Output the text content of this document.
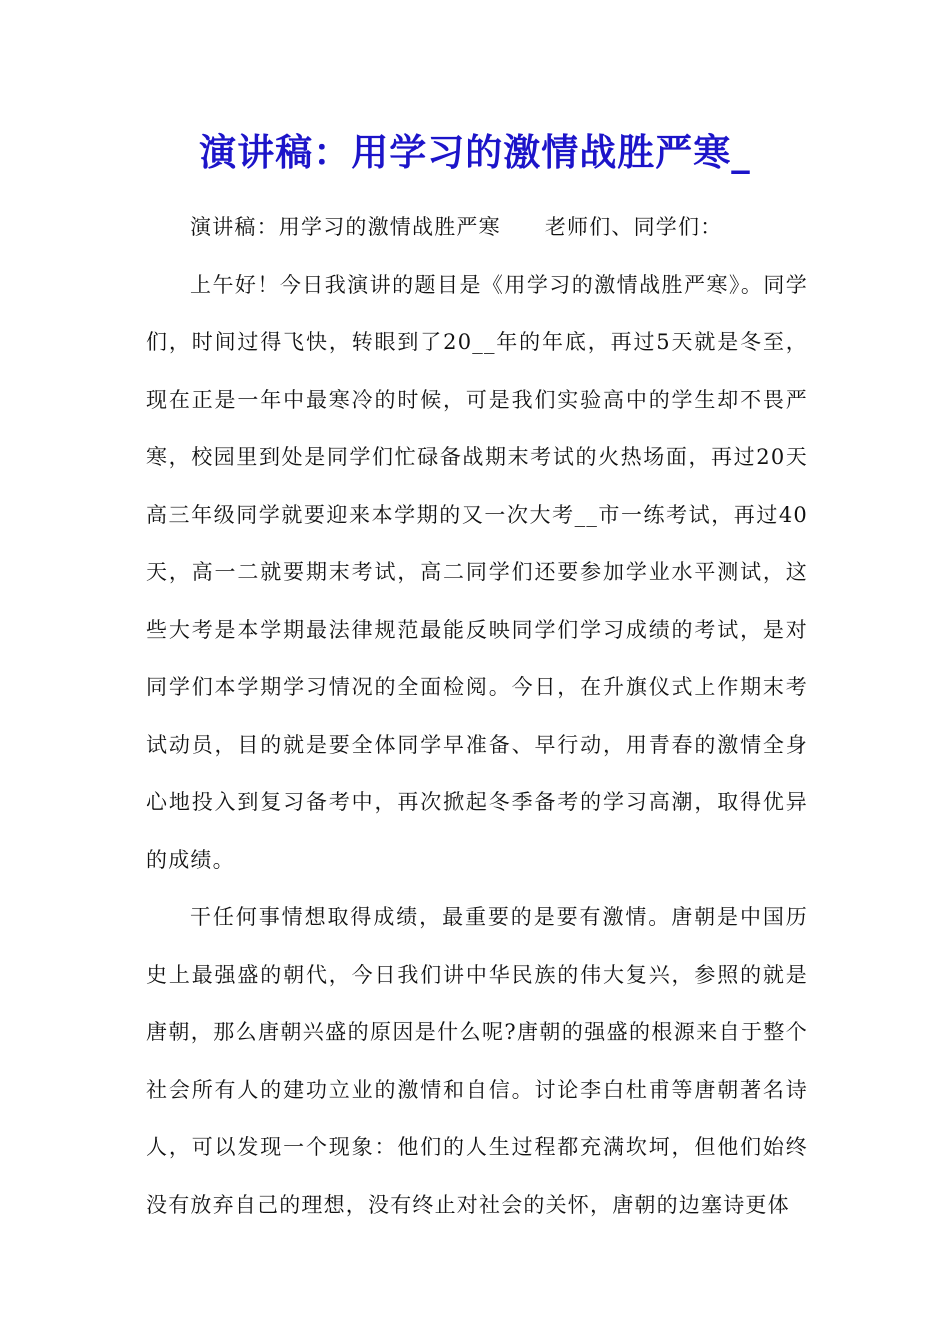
演讲稿：用学习的激情战胜严寒_

演讲稿：用学习的激情战胜严寒 老师们、同学们：

上午好！今日我演讲的题目是《用学习的激情战胜严寒》。同学们，时间过得飞快，转眼到了20__年的年底，再过5天就是冬至，现在正是一年中最寒冷的时候，可是我们实验高中的学生却不畏严寒，校园里到处是同学们忙碌备战期末考试的火热场面，再过20天高三年级同学就要迎来本学期的又一次大考__市一练考试，再过40天，高一二就要期末考试，高二同学们还要参加学业水平测试，这些大考是本学期最法律规范最能反映同学们学习成绩的考试，是对同学们本学期学习情况的全面检阅。今日，在升旗仪式上作期末考试动员，目的就是要全体同学早准备、早行动，用青春的激情全身心地投入到复习备考中，再次掀起冬季备考的学习高潮，取得优异的成绩。

干任何事情想取得成绩，最重要的是要有激情。唐朝是中国历史上最强盛的朝代，今日我们讲中华民族的伟大复兴，参照的就是唐朝，那么唐朝兴盛的原因是什么呢?唐朝的强盛的根源来自于整个社会所有人的建功立业的激情和自信。讨论李白杜甫等唐朝著名诗人，可以发现一个现象：他们的人生过程都充满坎坷，但他们始终没有放弃自己的理想，没有终止对社会的关怀，唐朝的边塞诗更体
